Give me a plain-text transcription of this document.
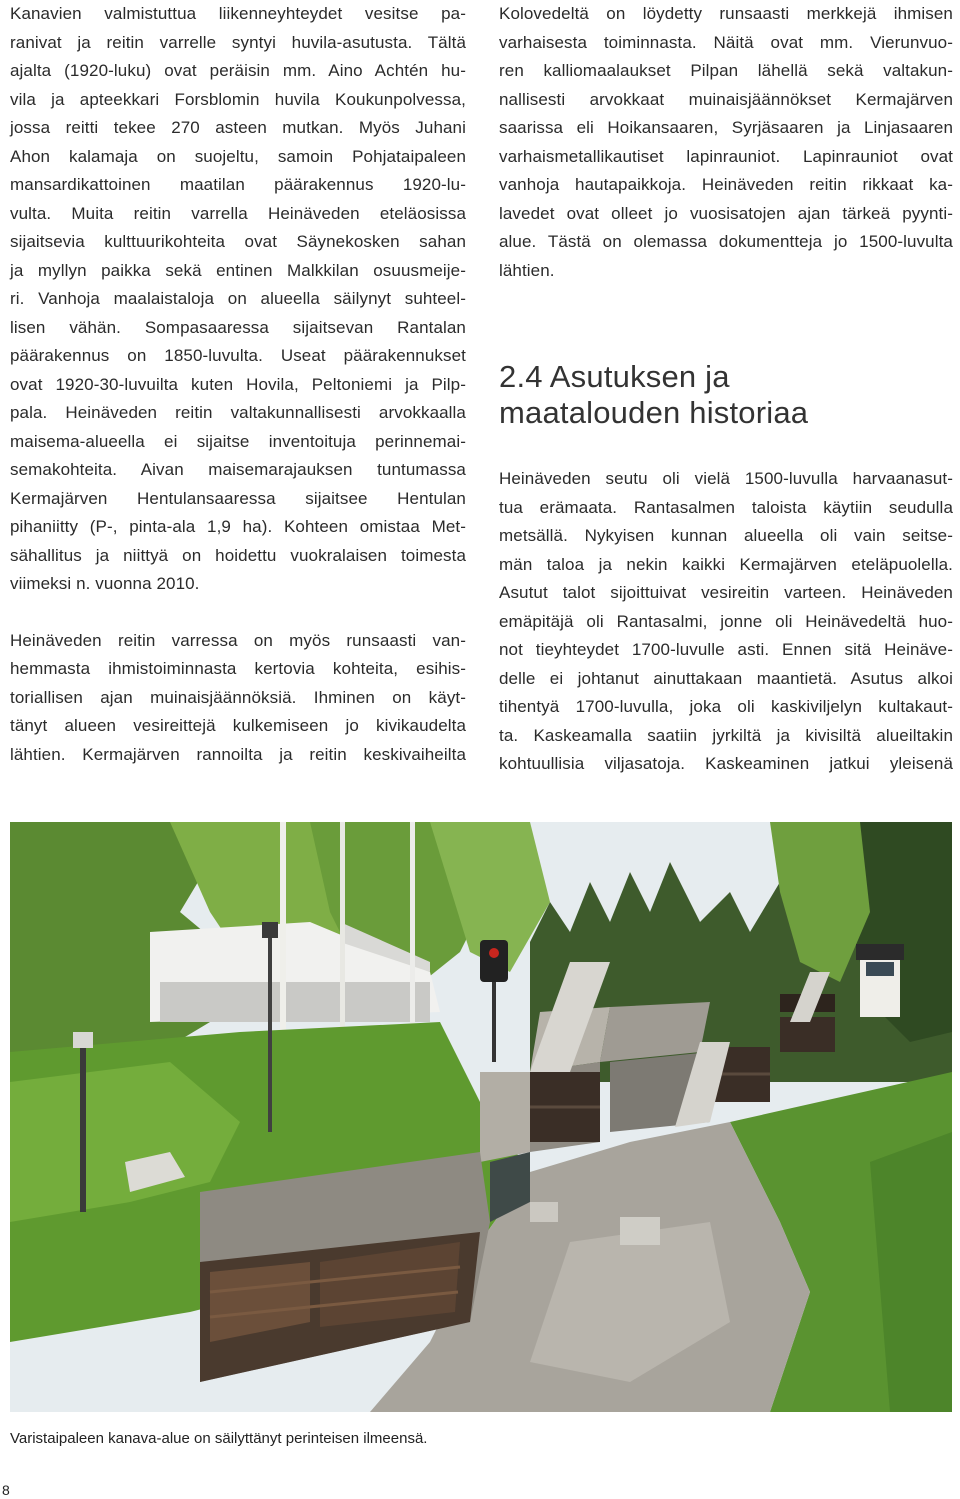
Kanavien valmistuttua liikenneyhteydet vesitse pa-
ranivat ja reitin varrelle syntyi huvila-asutusta. Tältä
ajalta (1920-luku) ovat peräisin mm. Aino Achtén hu-
vila ja apteekkari Forsblomin huvila Koukunpolvessa,
jossa reitti tekee 270 asteen mutkan. Myös Juhani
Ahon kalamaja on suojeltu, samoin Pohjataipaleen
mansardikattoinen maatilan päärakennus 1920-lu-
vulta. Muita reitin varrella Heinäveden eteläosissa
sijaitsevia kulttuurikohteita ovat Säynekosken sahan
ja myllyn paikka sekä entinen Malkkilan osuusmeije-
ri. Vanhoja maalaistaloja on alueella säilynyt suhteel-
lisen vähän. Sompasaaressa sijaitsevan Rantalan
päärakennus on 1850-luvulta. Useat päärakennukset
ovat 1920-30-luvuilta kuten Hovila, Peltoniemi ja Pilp-
pala. Heinäveden reitin valtakunnallisesti arvokkaalla
maisema-alueella ei sijaitse inventoituja perinnemai-
semakohteita. Aivan maisemarajauksen tuntumassa
Kermajärven Hentulansaaressa sijaitsee Hentulan
pihaniitty (P-, pinta-ala 1,9 ha). Kohteen omistaa Met-
sähallitus ja niittyä on hoidettu vuokralaisen toimesta
viimeksi n. vuonna 2010.

Heinäveden reitin varressa on myös runsaasti van-
hemmasta ihmistoiminnasta kertovia kohteita, esihis-
toriallisen ajan muinaisjäännöksiä. Ihminen on käyt-
tänyt alueen vesireittejä kulkemiseen jo kivikaudelta
lähtien. Kermajärven rannoilta ja reitin keskivaiheilta

Kolovedeltä on löydetty runsaasti merkkejä ihmisen
varhaisesta toiminnasta. Näitä ovat mm. Vierunvuo-
ren kalliomaalaukset Pilpan lähellä sekä valtakun-
nallisesti arvokkaat muinaisjäännökset Kermajärven
saarissa eli Hoikansaaren, Syrjäsaaren ja Linjasaaren
varhaismetallikautiset lapinrauniot. Lapinrauniot ovat
vanhoja hautapaikkoja. Heinäveden reitin rikkaat ka-
lavedet ovat olleet jo vuosisatojen ajan tärkeä pyynti-
alue. Tästä on olemassa dokumentteja jo 1500-luvulta
lähtien.

2.4 Asutuksen ja
maatalouden historiaa

Heinäveden seutu oli vielä 1500-luvulla harvaanasut-
tua erämaata. Rantasalmen taloista käytiin seudulla
metsällä. Nykyisen kunnan alueella oli vain seitse-
män taloa ja nekin kaikki Kermajärven eteläpuolella.
Asutut talot sijoittuivat vesireitin varteen. Heinäveden
emäpitäjä oli Rantasalmi, jonne oli Heinävedeltä huo-
not tieyhteydet 1700-luvulle asti. Ennen sitä Heinäve-
delle ei johtanut ainuttakaan maantietä. Asutus alkoi
tihentyä 1700-luvulla, joka oli kaskiviljelyn kultakaut-
ta. Kaskeamalla saatiin jyrkiltä ja kivisiltä alueiltakin
kohtuullisia viljasatoja. Kaskeaminen jatkui yleisenä

Varistaipaleen kanava-alue on säilyttänyt perinteisen ilmeensä.
8
